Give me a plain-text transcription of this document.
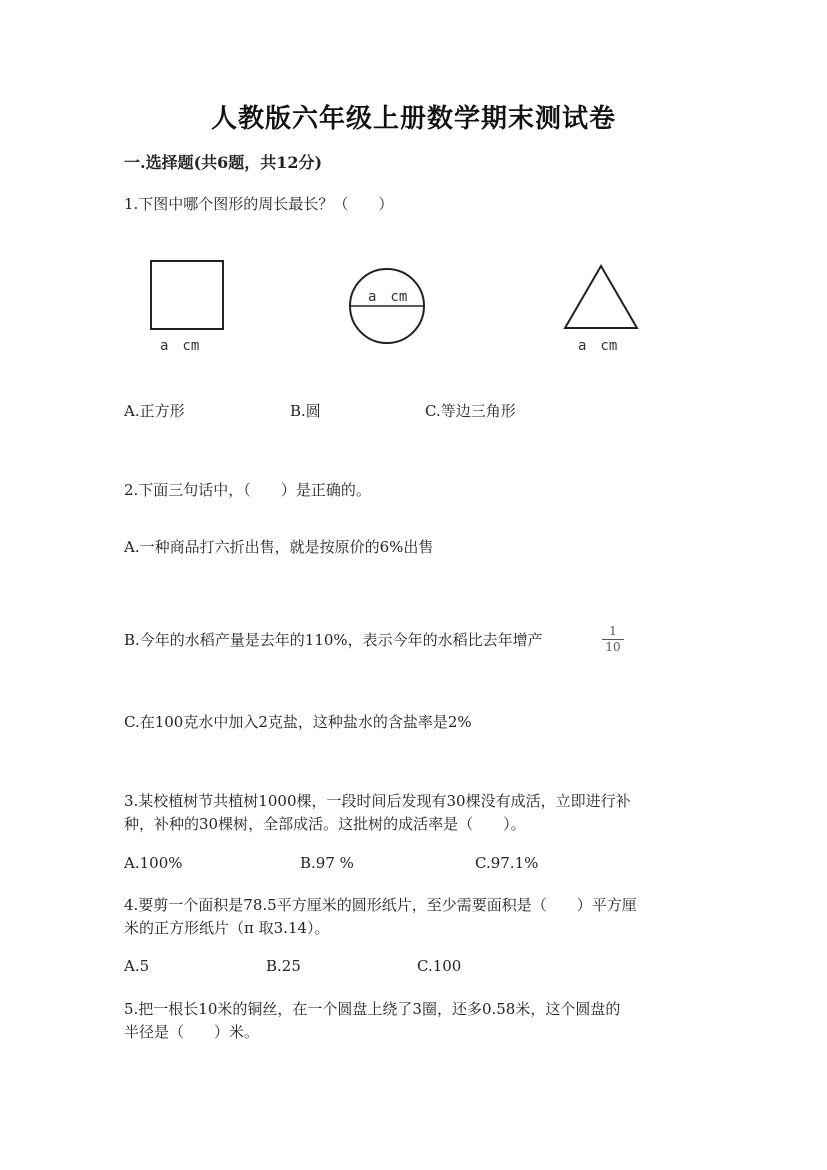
人教版六年级上册数学期末测试卷
一.选择题(共6题，共12分)
1.下图中哪个图形的周长最长？（　　）
a　cm
a　cm
a　cm
A.正方形	B.圆	C.等边三角形
2.下面三句话中，（　　）是正确的。
A.一种商品打六折出售，就是按原价的6%出售
B.今年的水稻产量是去年的110%，表示今年的水稻比去年增产	$\frac{1}{10}$
C.在100克水中加入2克盐，这种盐水的含盐率是2%
3.某校植树节共植树1000棵，一段时间后发现有30棵没有成活，立即进行补
种，补种的30棵树，全部成活。这批树的成活率是（　　）。
A.100%	B.97 %	C.97.1%
4.要剪一个面积是78.5平方厘米的圆形纸片，至少需要面积是（　　）平方厘
米的正方形纸片（π 取3.14）。
A.5	B.25	C.100
5.把一根长10米的铜丝，在一个圆盘上绕了3圈，还多0.58米，这个圆盘的
半径是（　　）米。
